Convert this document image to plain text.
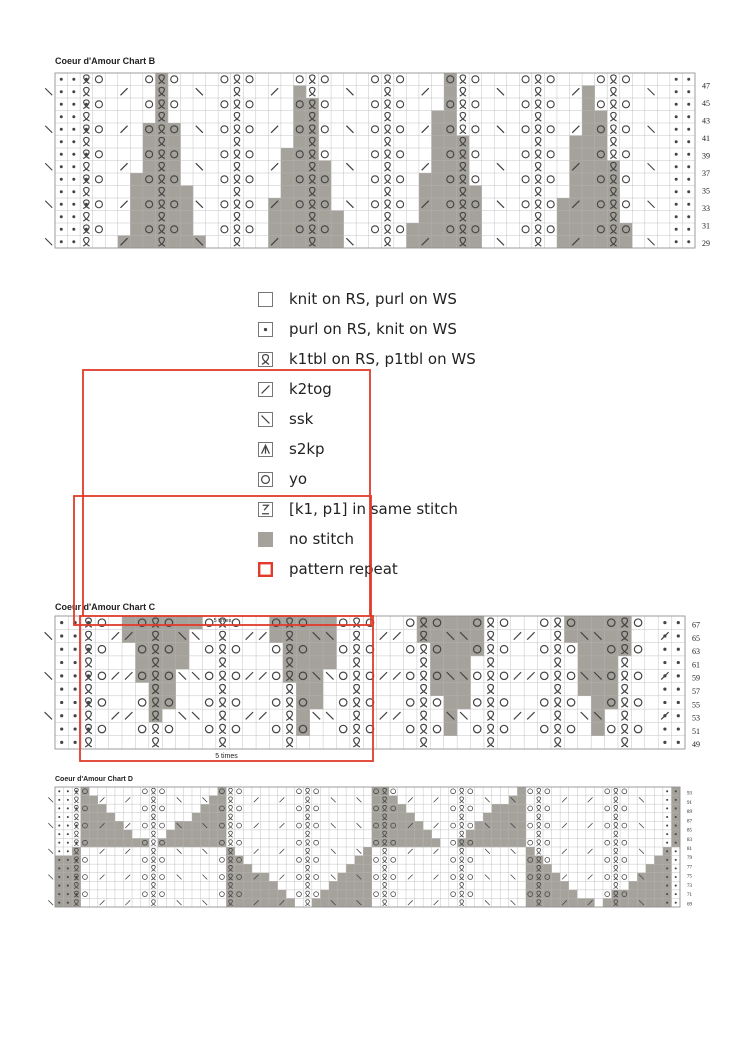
Coeur d'Amour Chart B
47
45
43
41
39
37
35
33
31
29
knit on RS, purl on WS
purl on RS, knit on WS
k1tbl on RS, p1tbl on WS
k2tog
ssk
s2kp
yo
[k1, p1] in same stitch
no stitch
pattern repeat
Coeur d'Amour Chart C
5 times
67
65
63
61
59
57
55
53
51
49
Coeur d'Amour Chart D
5 times
93
91
89
87
85
83
81
79
77
75
73
71
69
